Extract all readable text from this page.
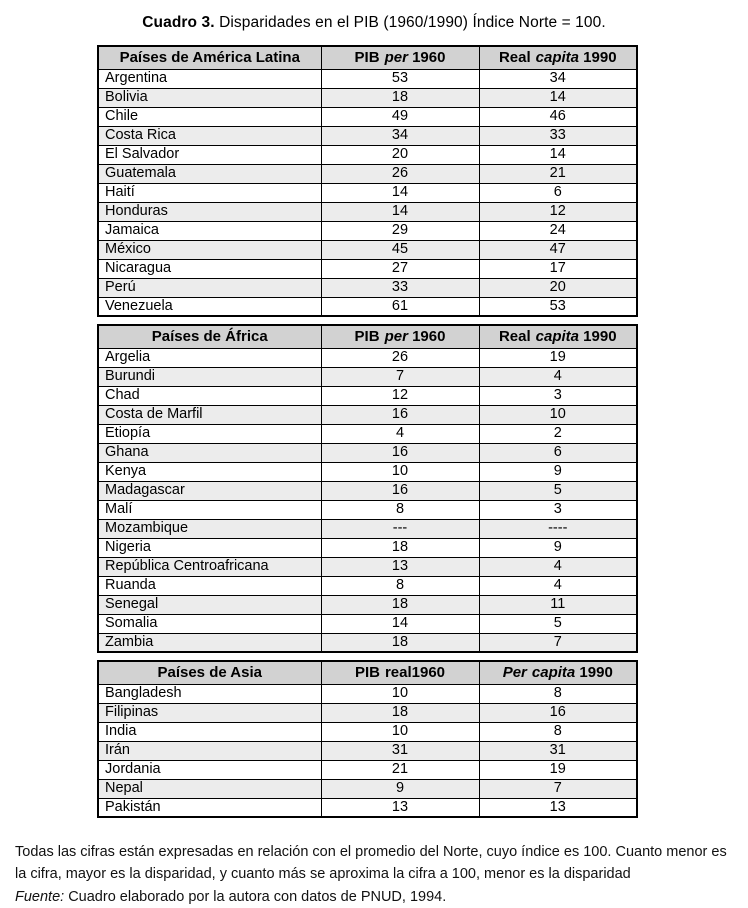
Cuadro 3. Disparidades en el PIB (1960/1990) Índice Norte = 100.
Países de América Latina	PIB per 1960	Real capita 1990
Argentina	53	34
Bolivia	18	14
Chile	49	46
Costa Rica	34	33
El Salvador	20	14
Guatemala	26	21
Haití	14	6
Honduras	14	12
Jamaica	29	24
México	45	47
Nicaragua	27	17
Perú	33	20
Venezuela	61	53
Países de África	PIB per 1960	Real capita 1990
Argelia	26	19
Burundi	7	4
Chad	12	3
Costa de Marfil	16	10
Etiopía	4	2
Ghana	16	6
Kenya	10	9
Madagascar	16	5
Malí	8	3
Mozambique	---	----
Nigeria	18	9
República Centroafricana	13	4
Ruanda	8	4
Senegal	18	11
Somalia	14	5
Zambia	18	7
Países de Asia	PIB real1960	Per capita 1990
Bangladesh	10	8
Filipinas	18	16
India	10	8
Irán	31	31
Jordania	21	19
Nepal	9	7
Pakistán	13	13
Todas las cifras están expresadas en relación con el promedio del Norte, cuyo índice es 100. Cuanto menor es la cifra, mayor es la disparidad, y cuanto más se aproxima la cifra a 100, menor es la disparidad
Fuente: Cuadro elaborado por la autora con datos de PNUD, 1994.
